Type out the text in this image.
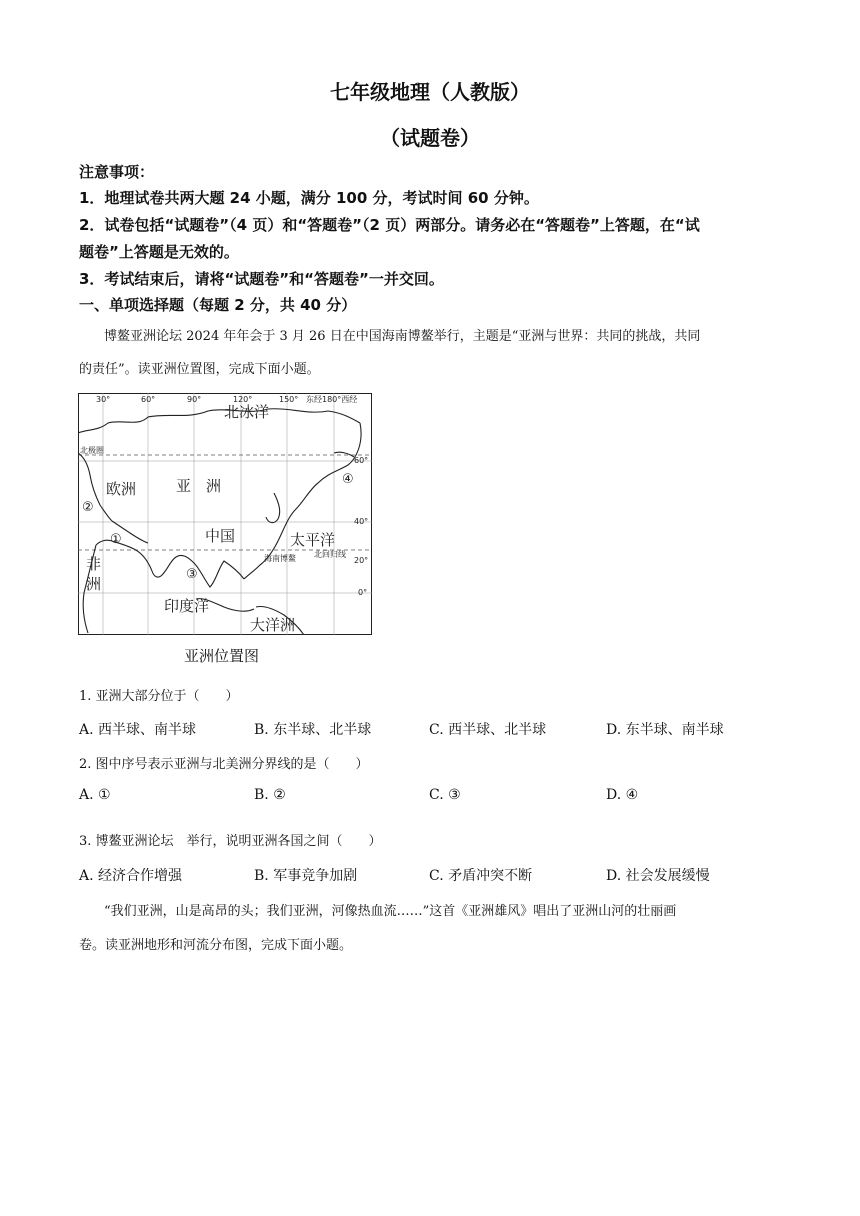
七年级地理（人教版）
（试题卷）
注意事项：
1．地理试卷共两大题 24 小题，满分 100 分，考试时间 60 分钟。
2．试卷包括“试题卷”（4 页）和“答题卷”（2 页）两部分。请务必在“答题卷”上答题，在“试
题卷”上答题是无效的。
3．考试结束后，请将“试题卷”和“答题卷”一并交回。
一、单项选择题（每题 2 分，共 40 分）
博鳌亚洲论坛 2024 年年会于 3 月 26 日在中国海南博鳌举行，主题是“亚洲与世界：共同的挑战，共同
的责任”。读亚洲位置图，完成下面小题。
30°	60°	90°	120°	150° 东经180°西经
60°
40°
20°
0°
北极圈
海南博鳌 北回归线
北冰洋
欧洲	亚　洲
中国	太平洋
非
洲
印度洋
大洋洲
②
①
③
④
亚洲位置图
1. 亚洲大部分位于（　　）
A. 西半球、南半球	B. 东半球、北半球	C. 西半球、北半球	D. 东半球、南半球
2. 图中序号表示亚洲与北美洲分界线的是（　　）
A. ①	B. ②	C. ③	D. ④
3. 博鳌亚洲论坛　举行，说明亚洲各国之间（　　）
A. 经济合作增强	B. 军事竞争加剧	C. 矛盾冲突不断	D. 社会发展缓慢
“我们亚洲，山是高昂的头；我们亚洲，河像热血流……”这首《亚洲雄风》唱出了亚洲山河的壮丽画
卷。读亚洲地形和河流分布图，完成下面小题。
